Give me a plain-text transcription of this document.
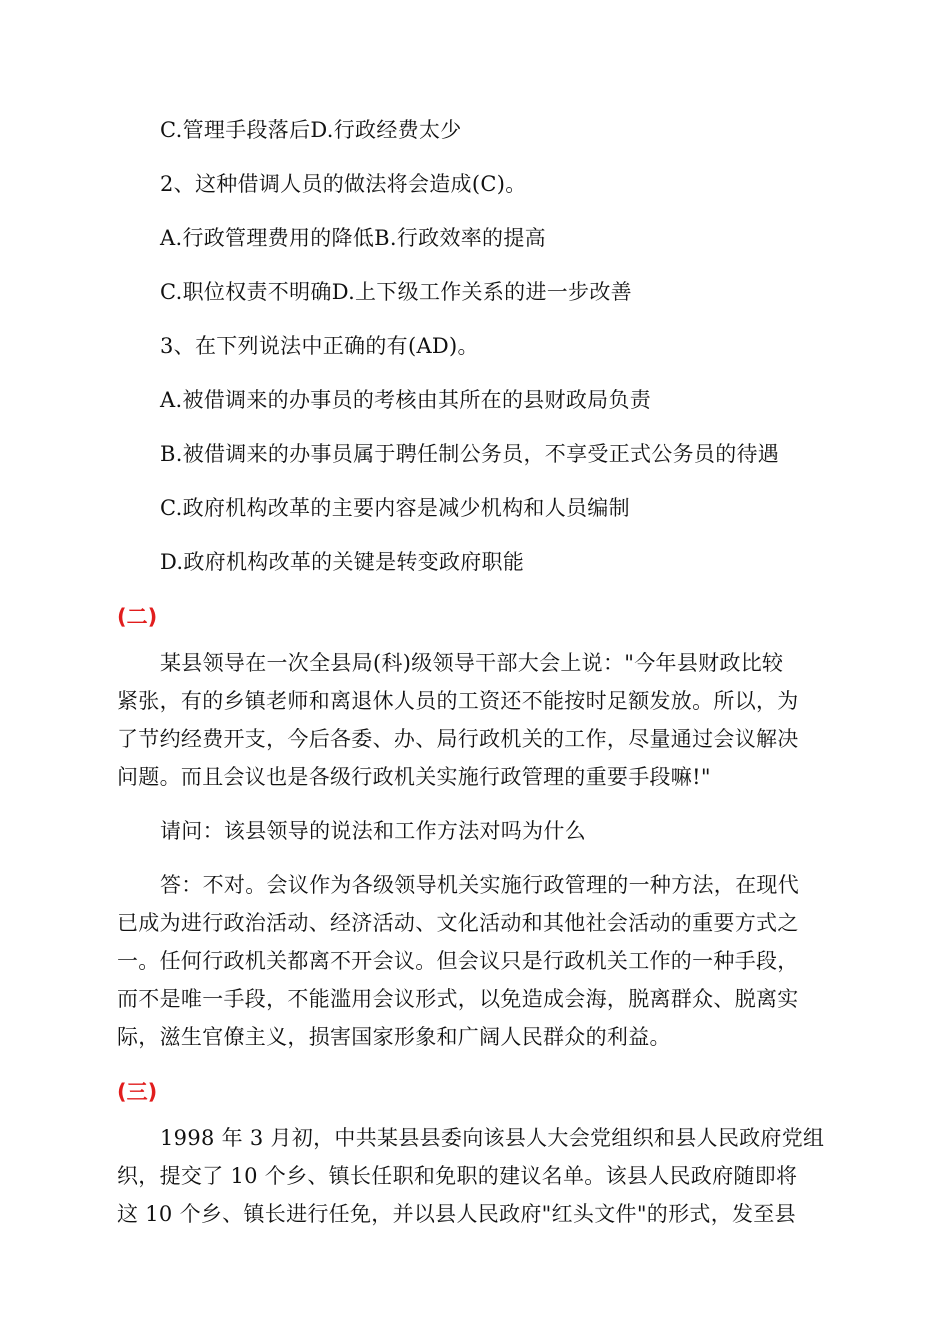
C.管理手段落后D.行政经费太少
2、这种借调人员的做法将会造成(C)。
A.行政管理费用的降低B.行政效率的提高
C.职位权责不明确D.上下级工作关系的进一步改善
3、在下列说法中正确的有(AD)。
A.被借调来的办事员的考核由其所在的县财政局负责
B.被借调来的办事员属于聘任制公务员，不享受正式公务员的待遇
C.政府机构改革的主要内容是减少机构和人员编制
D.政府机构改革的关键是转变政府职能
(二)
某县领导在一次全县局(科)级领导干部大会上说："今年县财政比较
紧张，有的乡镇老师和离退休人员的工资还不能按时足额发放。所以，为
了节约经费开支，今后各委、办、局行政机关的工作，尽量通过会议解决
问题。而且会议也是各级行政机关实施行政管理的重要手段嘛!"
请问：该县领导的说法和工作方法对吗为什么
答：不对。会议作为各级领导机关实施行政管理的一种方法，在现代
已成为进行政治活动、经济活动、文化活动和其他社会活动的重要方式之
一。任何行政机关都离不开会议。但会议只是行政机关工作的一种手段，
而不是唯一手段，不能滥用会议形式，以免造成会海，脱离群众、脱离实
际，滋生官僚主义，损害国家形象和广阔人民群众的利益。
(三)
1998 年 3 月初，中共某县县委向该县人大会党组织和县人民政府党组
织，提交了 10 个乡、镇长任职和免职的建议名单。该县人民政府随即将
这 10 个乡、镇长进行任免，并以县人民政府"红头文件"的形式，发至县
